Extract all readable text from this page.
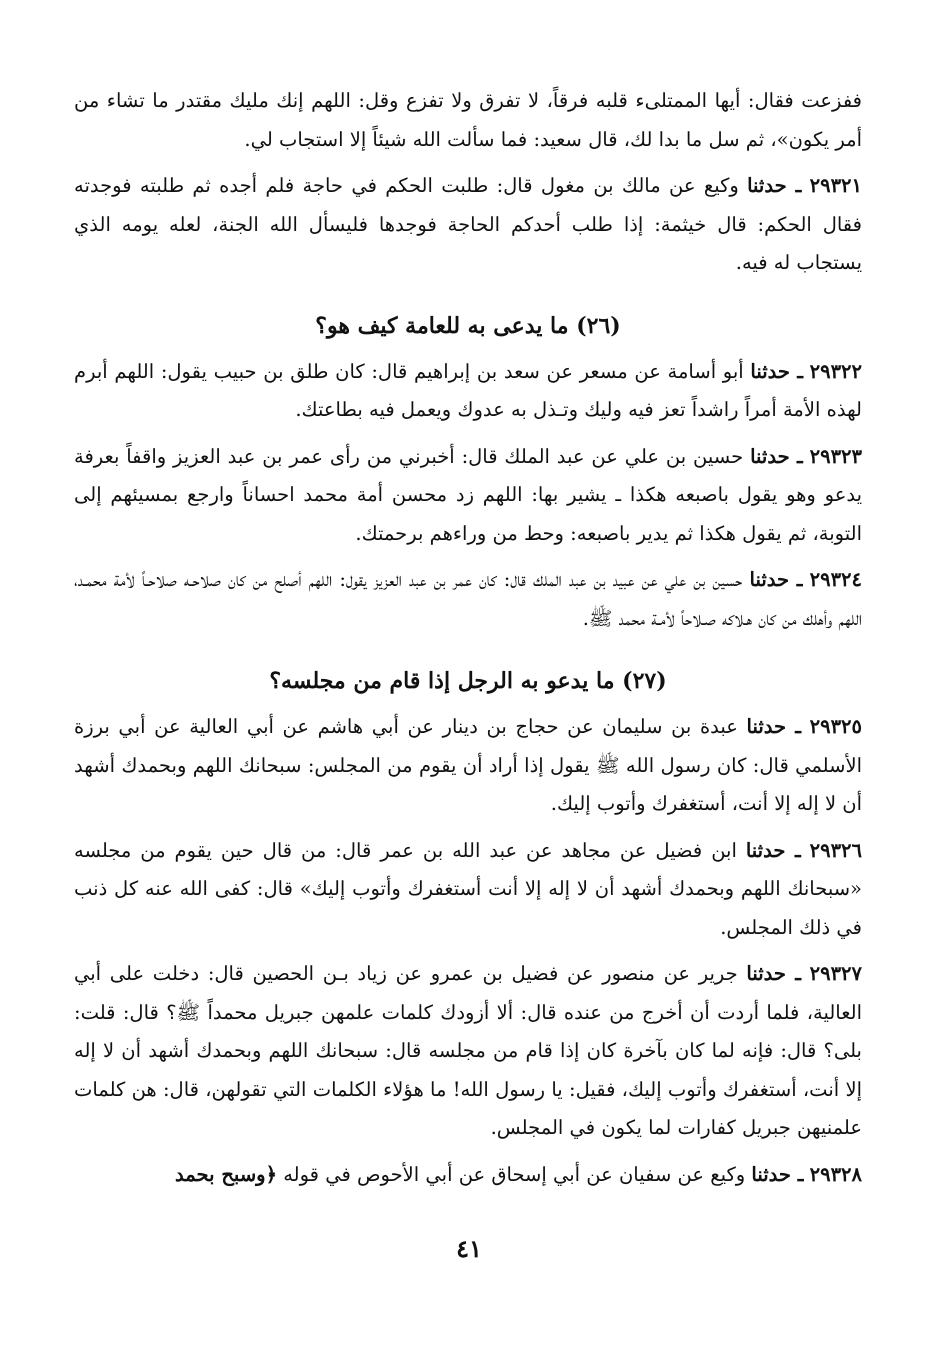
ففزعت فقال: أيها الممتلىء قلبه فرقاً، لا تفرق ولا تفزع وقل: اللهم إنك مليك مقتدر ما تشاء من أمر يكون»، ثم سل ما بدا لك، قال سعيد: فما سألت الله شيئاً إلا استجاب لي.

٢٩٣٢١ ـ حدثنا وكيع عن مالك بن مغول قال: طلبت الحكم في حاجة فلم أجده ثم طلبته فوجدته فقال الحكم: قال خيثمة: إذا طلب أحدكم الحاجة فوجدها فليسأل الله الجنة، لعله يومه الذي يستجاب له فيه.

(٢٦) ما يدعى به للعامة كيف هو؟

٢٩٣٢٢ ـ حدثنا أبو أسامة عن مسعر عن سعد بن إبراهيم قال: كان طلق بن حبيب يقول: اللهم أبرم لهذه الأمة أمراً راشداً تعز فيه وليك وتـذل به عدوك ويعمل فيه بطاعتك.

٢٩٣٢٣ ـ حدثنا حسين بن علي عن عبد الملك قال: أخبرني من رأى عمر بن عبد العزيز واقفاً بعرفة يدعو وهو يقول باصبعه هكذا ـ يشير بها: اللهم زد محسن أمة محمد احساناً وارجع بمسيئهم إلى التوبة، ثم يقول هكذا ثم يدير باصبعه: وحط من وراءهم برحمتك.

٢٩٣٢٤ ـ حدثنا حسين بن علي عن عبيد بن عبد الملك قال: كان عمر بن عبد العزيز يقول: اللهم أصلح من كان صلاحـه صلاحـاً لأمة محمـد، اللهم وأهلك من كان هـلاكه صـلاحاً لأمـة محمد ﷺ.

(٢٧) ما يدعو به الرجل إذا قام من مجلسه؟

٢٩٣٢٥ ـ حدثنا عبدة بن سليمان عن حجاج بن دينار عن أبي هاشم عن أبي العالية عن أبي برزة الأسلمي قال: كان رسول الله ﷺ يقول إذا أراد أن يقوم من المجلس: سبحانك اللهم وبحمدك أشهد أن لا إله إلا أنت، أستغفرك وأتوب إليك.

٢٩٣٢٦ ـ حدثنا ابن فضيل عن مجاهد عن عبد الله بن عمر قال: من قال حين يقوم من مجلسه «سبحانك اللهم وبحمدك أشهد أن لا إله إلا أنت أستغفرك وأتوب إليك» قال: كفى الله عنه كل ذنب في ذلك المجلس.

٢٩٣٢٧ ـ حدثنا جرير عن منصور عن فضيل بن عمرو عن زياد بـن الحصين قال: دخلت على أبي العالية، فلما أردت أن أخرج من عنده قال: ألا أزودك كلمات علمهن جبريل محمداً ﷺ؟ قال: قلت: بلى؟ قال: فإنه لما كان بآخرة كان إذا قام من مجلسه قال: سبحانك اللهم وبحمدك أشهد أن لا إله إلا أنت، أستغفرك وأتوب إليك، فقيل: يا رسول الله! ما هؤلاء الكلمات التي تقولهن، قال: هن كلمات علمنيهن جبريل كفارات لما يكون في المجلس.

٢٩٣٢٨ ـ حدثنا وكيع عن سفيان عن أبي إسحاق عن أبي الأحوص في قوله ﴿وسبح بحمد

٤١
